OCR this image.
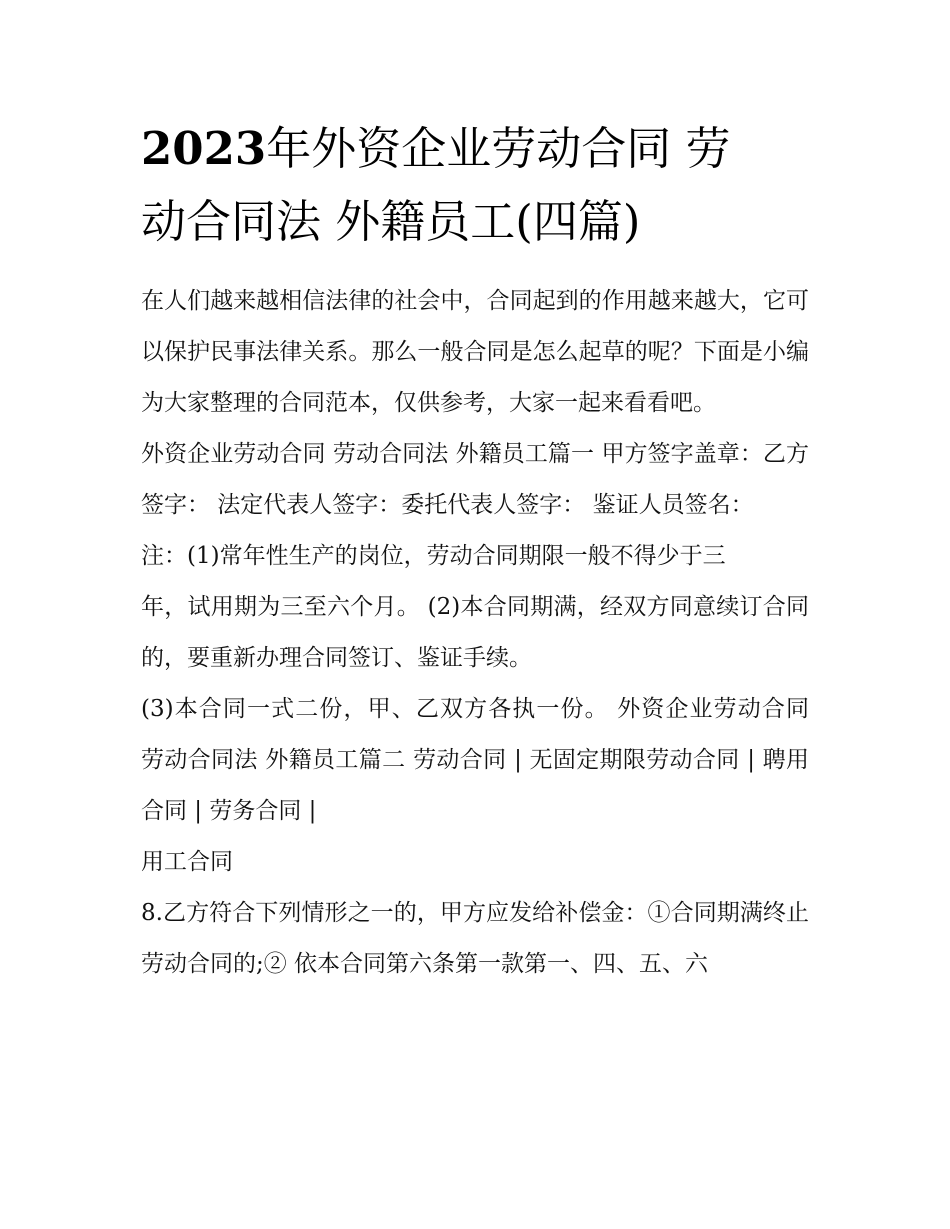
2023年外资企业劳动合同 劳
动合同法 外籍员工(四篇)

在人们越来越相信法律的社会中，合同起到的作用越来越大，它可以保护民事法律关系。那么一般合同是怎么起草的呢？下面是小编为大家整理的合同范本，仅供参考，大家一起来看看吧。

外资企业劳动合同 劳动合同法 外籍员工篇一 甲方签字盖章：乙方签字： 法定代表人签字：委托代表人签字： 鉴证人员签名：

注：(1)常年性生产的岗位，劳动合同期限一般不得少于三

年，试用期为三至六个月。 (2)本合同期满，经双方同意续订合同的，要重新办理合同签订、鉴证手续。

(3)本合同一式二份，甲、乙双方各执一份。 外资企业劳动合同 劳动合同法 外籍员工篇二 劳动合同 | 无固定期限劳动合同 | 聘用合同 | 劳务合同 |

用工合同

8.乙方符合下列情形之一的，甲方应发给补偿金：①合同期满终止劳动合同的;② 依本合同第六条第一款第一、四、五、六
